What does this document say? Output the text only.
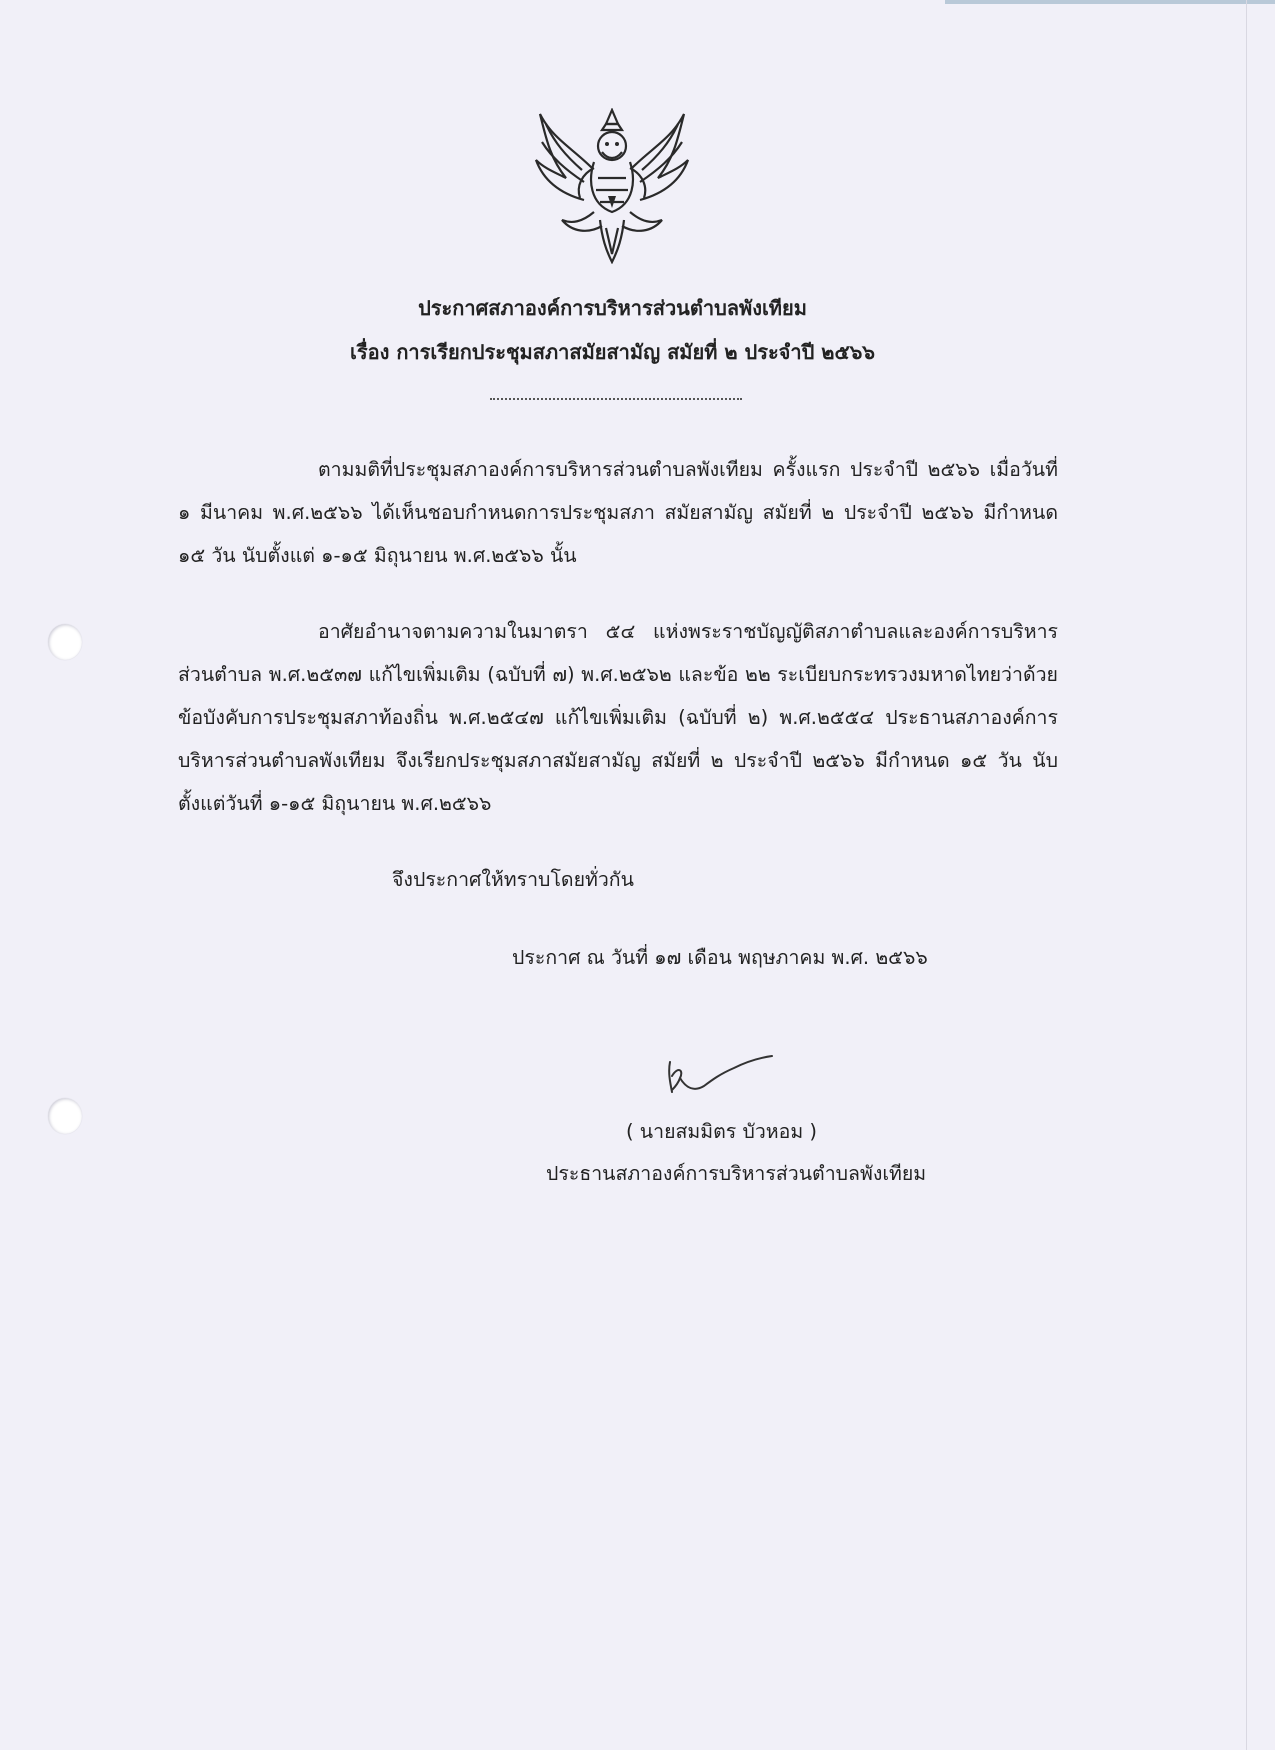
ประกาศสภาองค์การบริหารส่วนตำบลพังเทียม
เรื่อง การเรียกประชุมสภาสมัยสามัญ สมัยที่ ๒ ประจำปี ๒๕๖๖
ตามมติที่ประชุมสภาองค์การบริหารส่วนตำบลพังเทียม ครั้งแรก ประจำปี ๒๕๖๖ เมื่อวันที่ ๑ มีนาคม พ.ศ.๒๕๖๖ ได้เห็นชอบกำหนดการประชุมสภา สมัยสามัญ สมัยที่ ๒ ประจำปี ๒๕๖๖ มีกำหนด ๑๕ วัน นับตั้งแต่ ๑-๑๕ มิถุนายน พ.ศ.๒๕๖๖ นั้น
อาศัยอำนาจตามความในมาตรา ๕๔ แห่งพระราชบัญญัติสภาตำบลและองค์การบริหารส่วนตำบล พ.ศ.๒๕๓๗ แก้ไขเพิ่มเติม (ฉบับที่ ๗) พ.ศ.๒๕๖๒ และข้อ ๒๒ ระเบียบกระทรวงมหาดไทยว่าด้วยข้อบังคับการประชุมสภาท้องถิ่น พ.ศ.๒๕๔๗ แก้ไขเพิ่มเติม (ฉบับที่ ๒) พ.ศ.๒๕๕๔ ประธานสภาองค์การบริหารส่วนตำบลพังเทียม จึงเรียกประชุมสภาสมัยสามัญ สมัยที่ ๒ ประจำปี ๒๕๖๖ มีกำหนด ๑๕ วัน นับตั้งแต่วันที่ ๑-๑๕ มิถุนายน พ.ศ.๒๕๖๖
จึงประกาศให้ทราบโดยทั่วกัน
ประกาศ ณ วันที่ ๑๗ เดือน พฤษภาคม พ.ศ. ๒๕๖๖
( นายสมมิตร บัวหอม )
ประธานสภาองค์การบริหารส่วนตำบลพังเทียม
